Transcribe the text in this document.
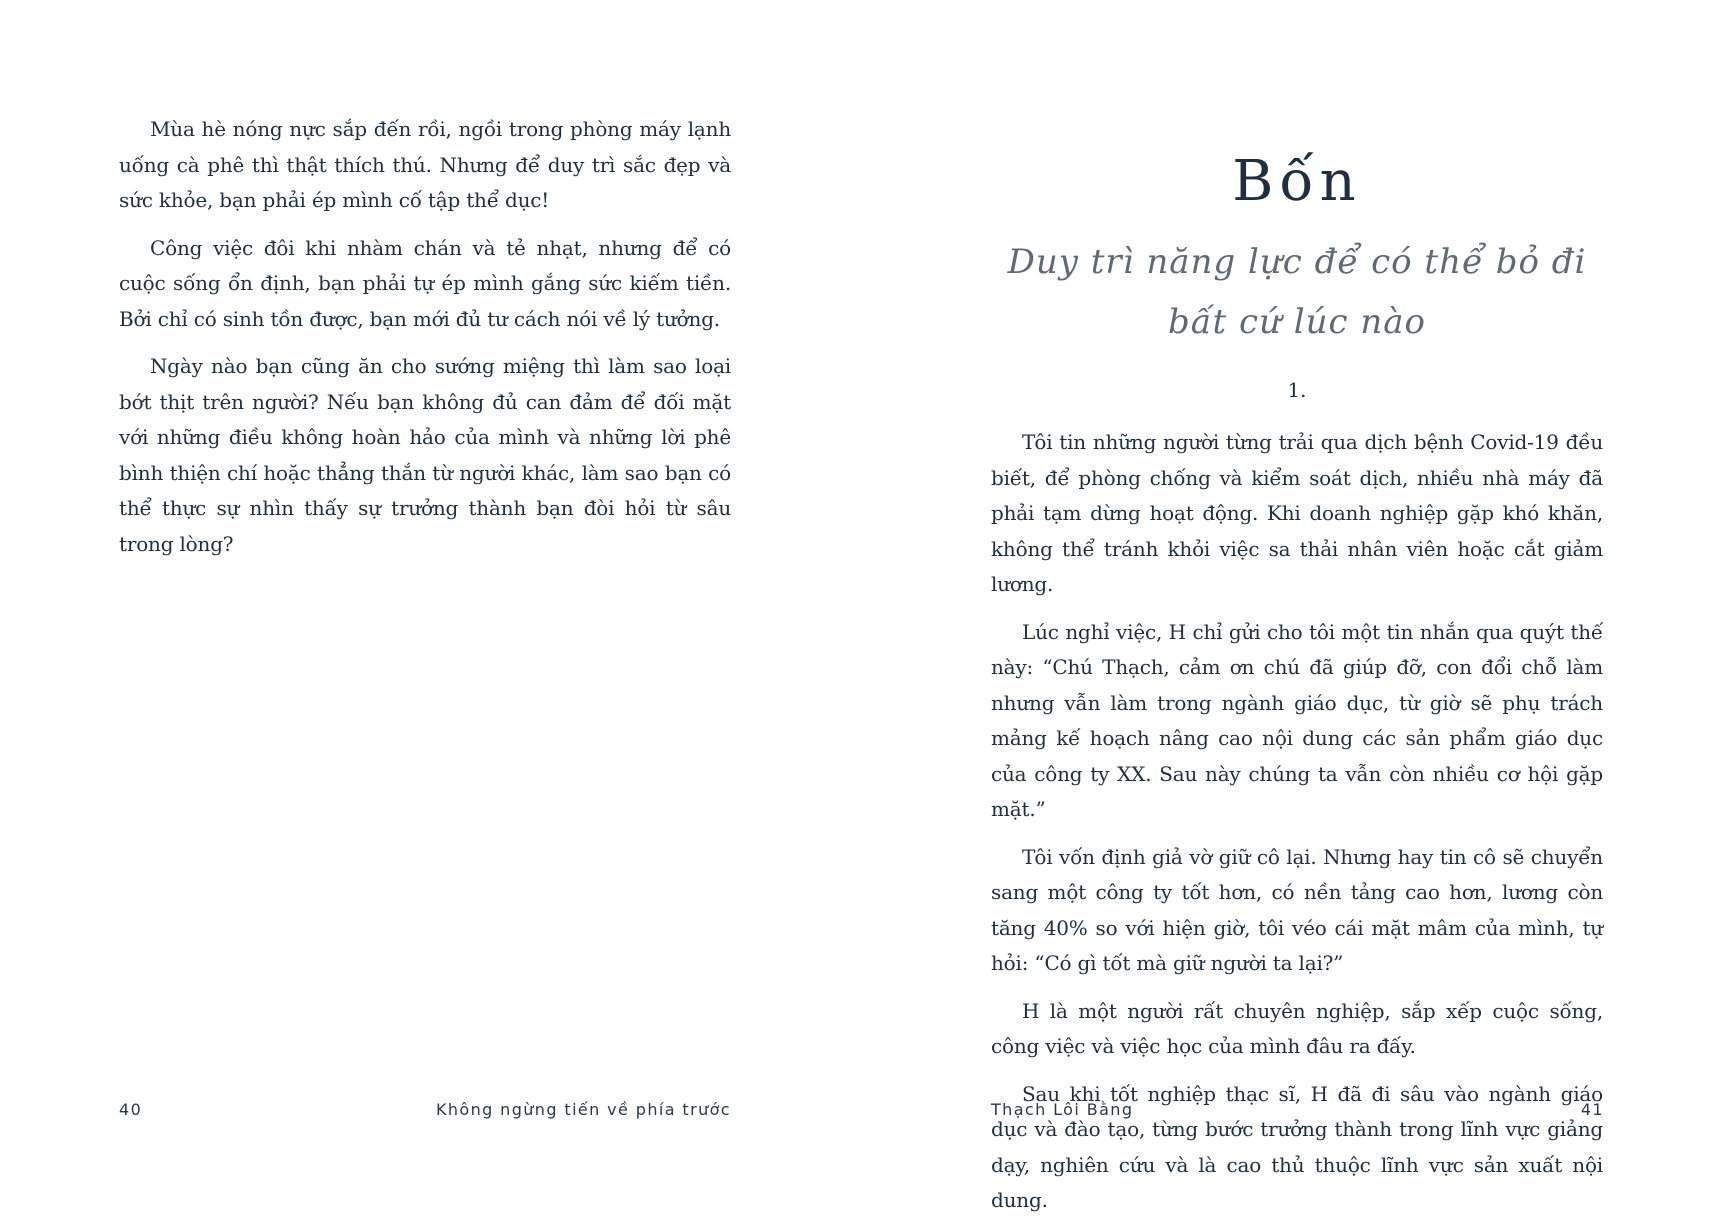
Mùa hè nóng nực sắp đến rồi, ngồi trong phòng máy lạnh uống cà phê thì thật thích thú. Nhưng để duy trì sắc đẹp và sức khỏe, bạn phải ép mình cố tập thể dục!

Công việc đôi khi nhàm chán và tẻ nhạt, nhưng để có cuộc sống ổn định, bạn phải tự ép mình gắng sức kiếm tiền. Bởi chỉ có sinh tồn được, bạn mới đủ tư cách nói về lý tưởng.

Ngày nào bạn cũng ăn cho sướng miệng thì làm sao loại bớt thịt trên người? Nếu bạn không đủ can đảm để đối mặt với những điều không hoàn hảo của mình và những lời phê bình thiện chí hoặc thẳng thắn từ người khác, làm sao bạn có thể thực sự nhìn thấy sự trưởng thành bạn đòi hỏi từ sâu trong lòng?

40	Không ngừng tiến về phía trước
Bốn
Duy trì năng lực để có thể bỏ đi bất cứ lúc nào
1.

Tôi tin những người từng trải qua dịch bệnh Covid-19 đều biết, để phòng chống và kiểm soát dịch, nhiều nhà máy đã phải tạm dừng hoạt động. Khi doanh nghiệp gặp khó khăn, không thể tránh khỏi việc sa thải nhân viên hoặc cắt giảm lương.

Lúc nghỉ việc, H chỉ gửi cho tôi một tin nhắn qua quýt thế này: “Chú Thạch, cảm ơn chú đã giúp đỡ, con đổi chỗ làm nhưng vẫn làm trong ngành giáo dục, từ giờ sẽ phụ trách mảng kế hoạch nâng cao nội dung các sản phẩm giáo dục của công ty XX. Sau này chúng ta vẫn còn nhiều cơ hội gặp mặt.”

Tôi vốn định giả vờ giữ cô lại. Nhưng hay tin cô sẽ chuyển sang một công ty tốt hơn, có nền tảng cao hơn, lương còn tăng 40% so với hiện giờ, tôi véo cái mặt mâm của mình, tự hỏi: “Có gì tốt mà giữ người ta lại?”

H là một người rất chuyên nghiệp, sắp xếp cuộc sống, công việc và việc học của mình đâu ra đấy.

Sau khi tốt nghiệp thạc sĩ, H đã đi sâu vào ngành giáo dục và đào tạo, từng bước trưởng thành trong lĩnh vực giảng dạy, nghiên cứu và là cao thủ thuộc lĩnh vực sản xuất nội dung.

Thạch Lôi Bằng	41
